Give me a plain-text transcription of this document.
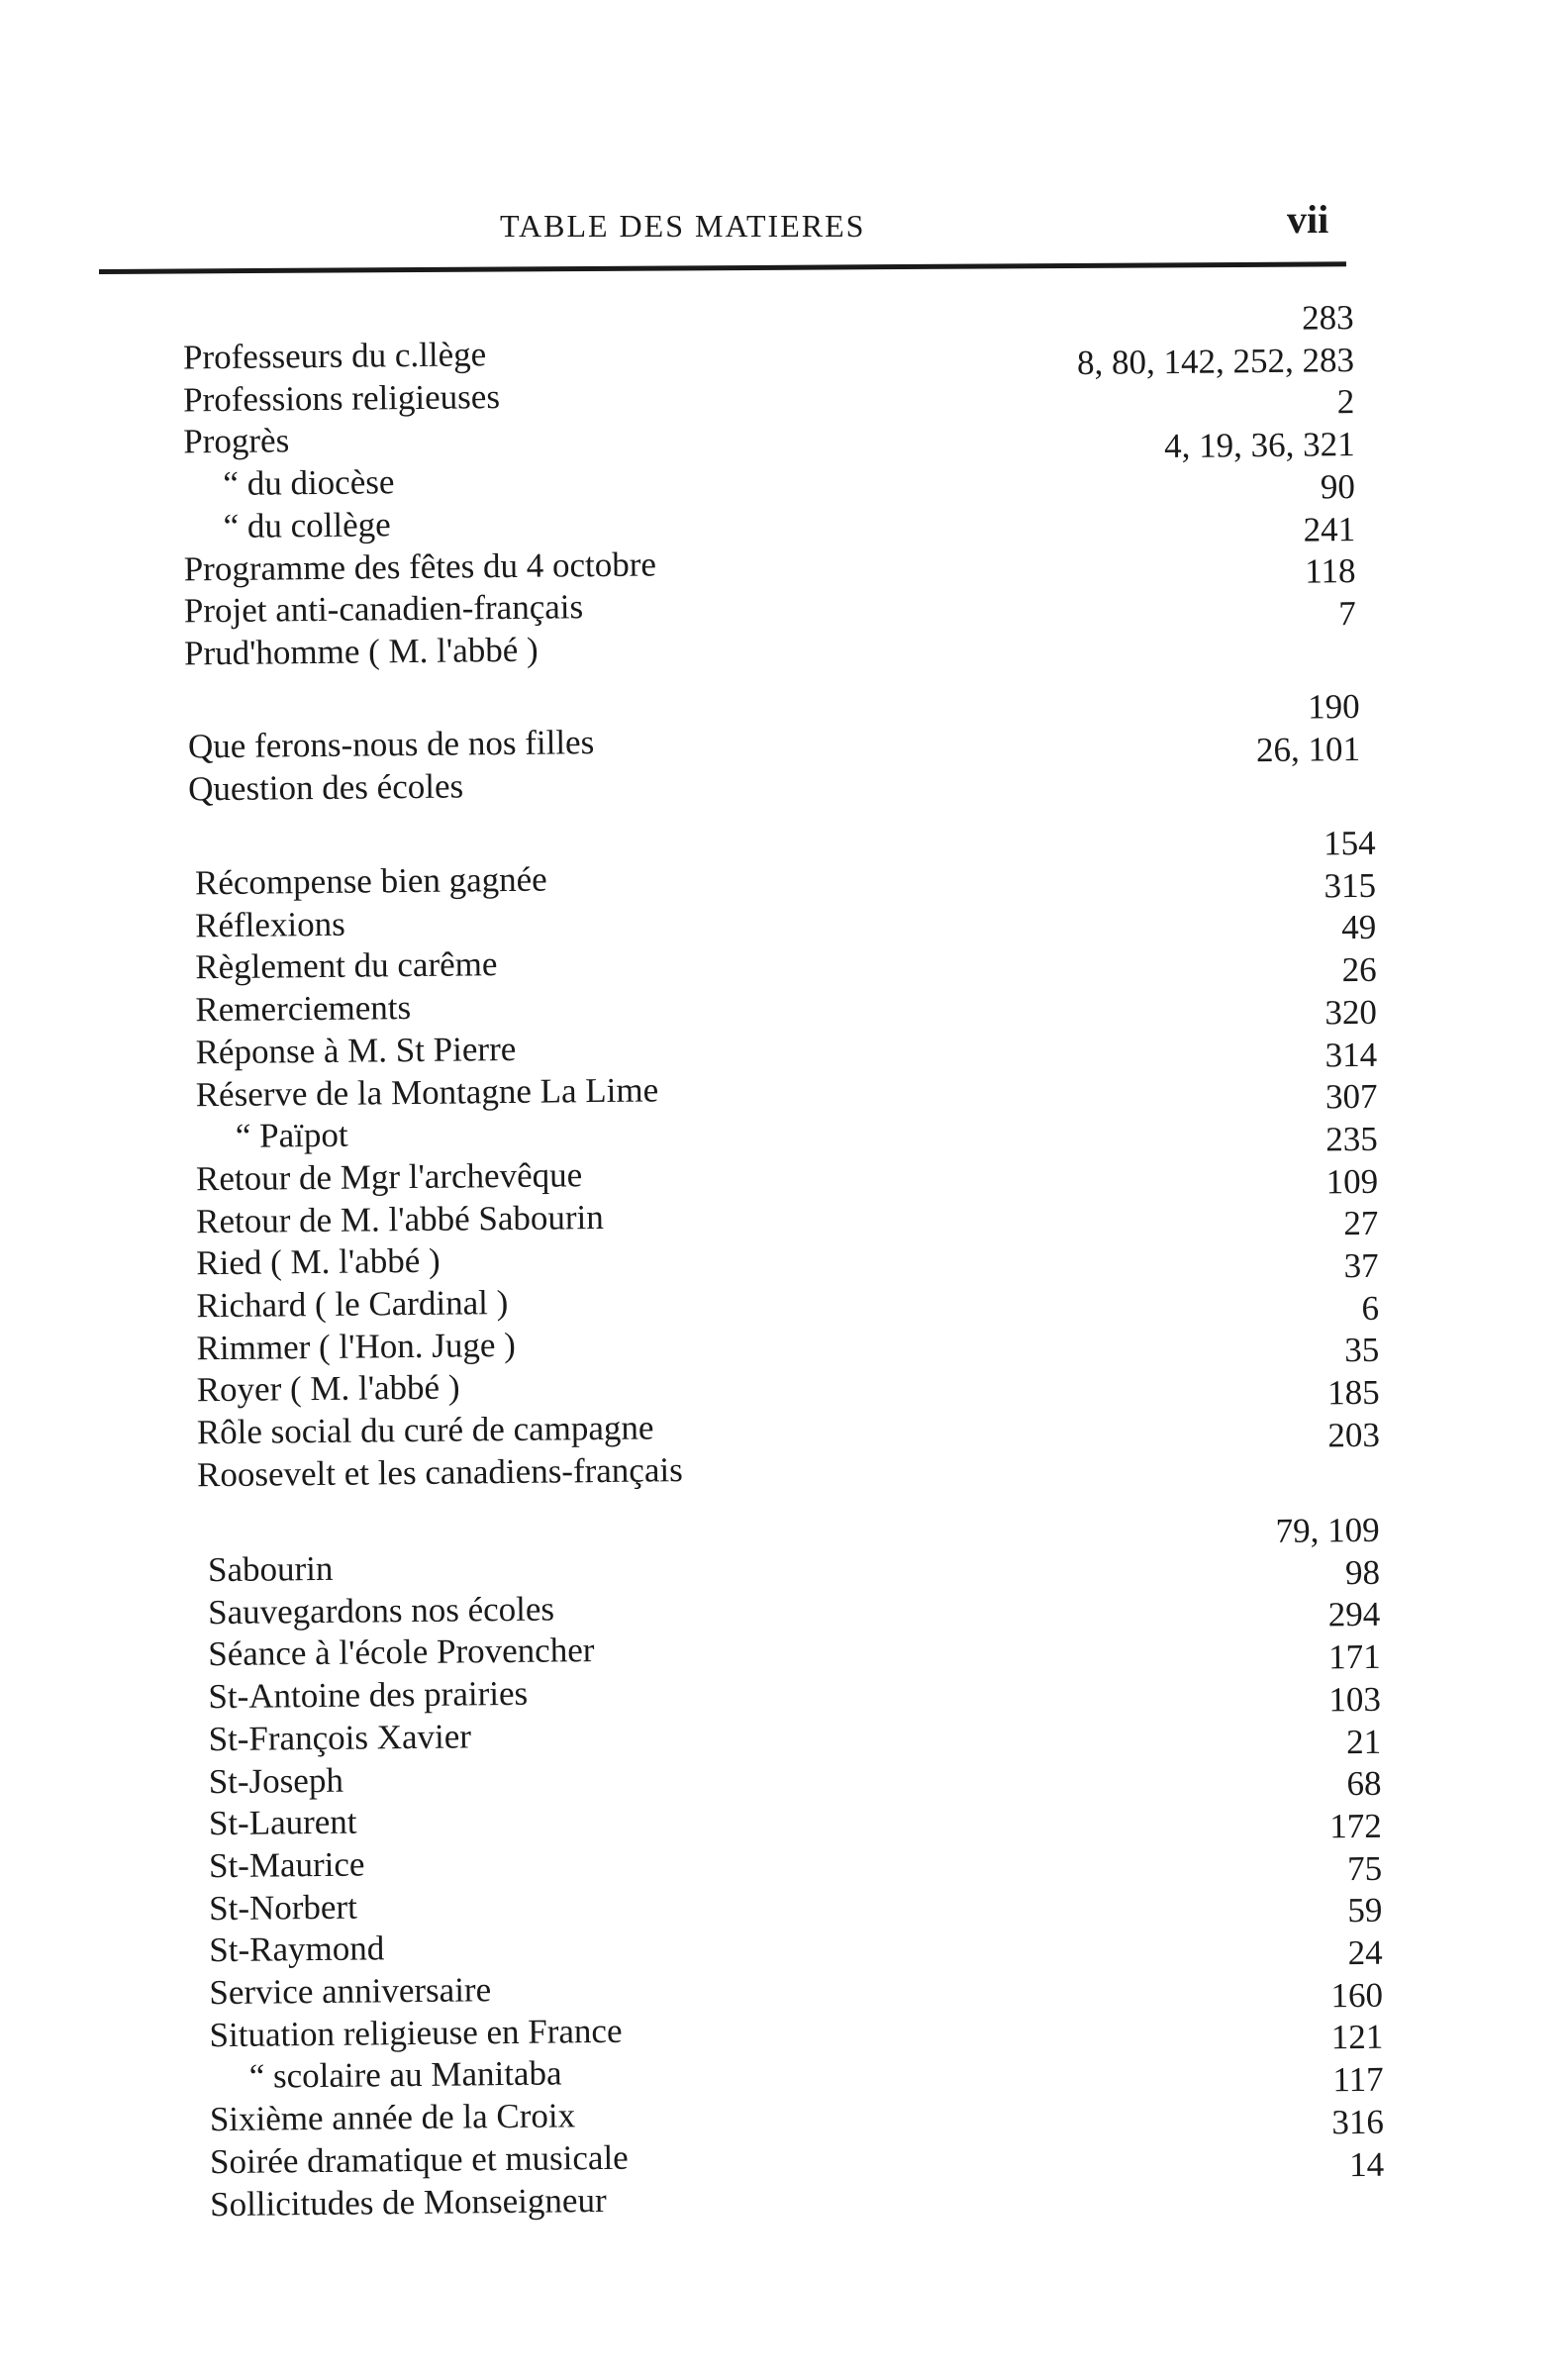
TABLE DES MATIERES	vii
Professeurs du c.llège
283
Professions religieuses
8, 80, 142, 252, 283
Progrès
2
“ du diocèse
4, 19, 36, 321
“ du collège
90
Programme des fêtes du 4 octobre
241
Projet anti-canadien-français
118
Prud'homme ( M. l'abbé )
7
Que ferons-nous de nos filles
190
Question des écoles
26, 101
Récompense bien gagnée
154
Réflexions
315
Règlement du carême
49
Remerciements
26
Réponse à M. St Pierre
320
Réserve de la Montagne La Lime
314
“ Païpot
307
Retour de Mgr l'archevêque
235
Retour de M. l'abbé Sabourin
109
Ried ( M. l'abbé )
27
Richard ( le Cardinal )
37
Rimmer ( l'Hon. Juge )
6
Royer ( M. l'abbé )
35
Rôle social du curé de campagne
185
Roosevelt et les canadiens-français
203
Sabourin
79, 109
Sauvegardons nos écoles
98
Séance à l'école Provencher
294
St-Antoine des prairies
171
St-François Xavier
103
St-Joseph
21
St-Laurent
68
St-Maurice
172
St-Norbert
75
St-Raymond
59
Service anniversaire
24
Situation religieuse en France
160
“ scolaire au Manitaba
121
Sixième année de la Croix
117
Soirée dramatique et musicale
316
Sollicitudes de Monseigneur
14
